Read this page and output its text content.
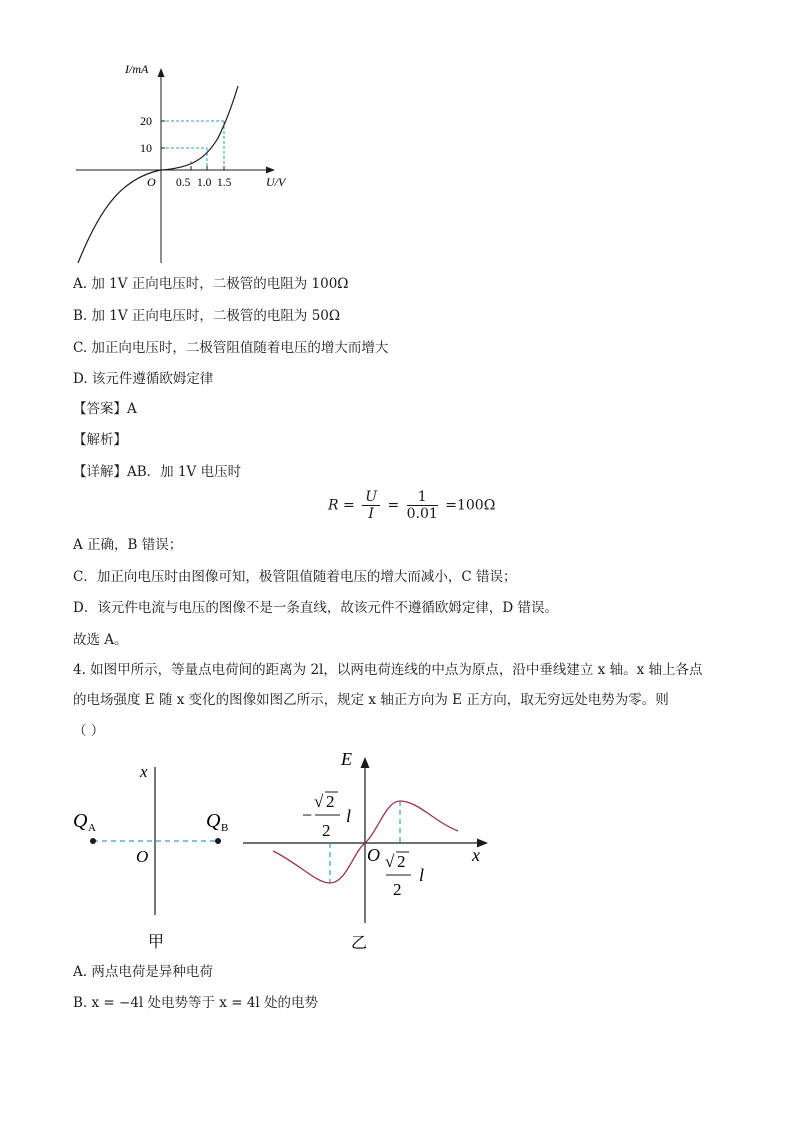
I/mA
20
10
O 0.5 1.0 1.5	U/V
A. 加 1V 正向电压时，二极管的电阻为 100Ω
B. 加 1V 正向电压时，二极管的电阻为 50Ω
C. 加正向电压时，二极管阻值随着电压的增大而增大
D. 该元件遵循欧姆定律
【答案】A
【解析】
【详解】AB．加 1V 电压时
$R = \frac{U}{I} = \frac{1}{0.01} =100\Omega$
A 正确，B 错误；
C．加正向电压时由图像可知，极管阻值随着电压的增大而减小，C 错误；
D．该元件电流与电压的图像不是一条直线，故该元件不遵循欧姆定律，D 错误。
故选 A。
4. 如图甲所示，等量点电荷间的距离为 2l，以两电荷连线的中点为原点，沿中垂线建立 x 轴。x 轴上各点
的电场强度 E 随 x 变化的图像如图乙所示，规定 x 轴正方向为 E 正方向，取无穷远处电势为零。则
（ ）
x
Q A	Q B
O
甲
E
x
O
−
√ 2
2
l
√ 2
2
l
乙
A. 两点电荷是异种电荷
B. x = −4l 处电势等于 x = 4l 处的电势
